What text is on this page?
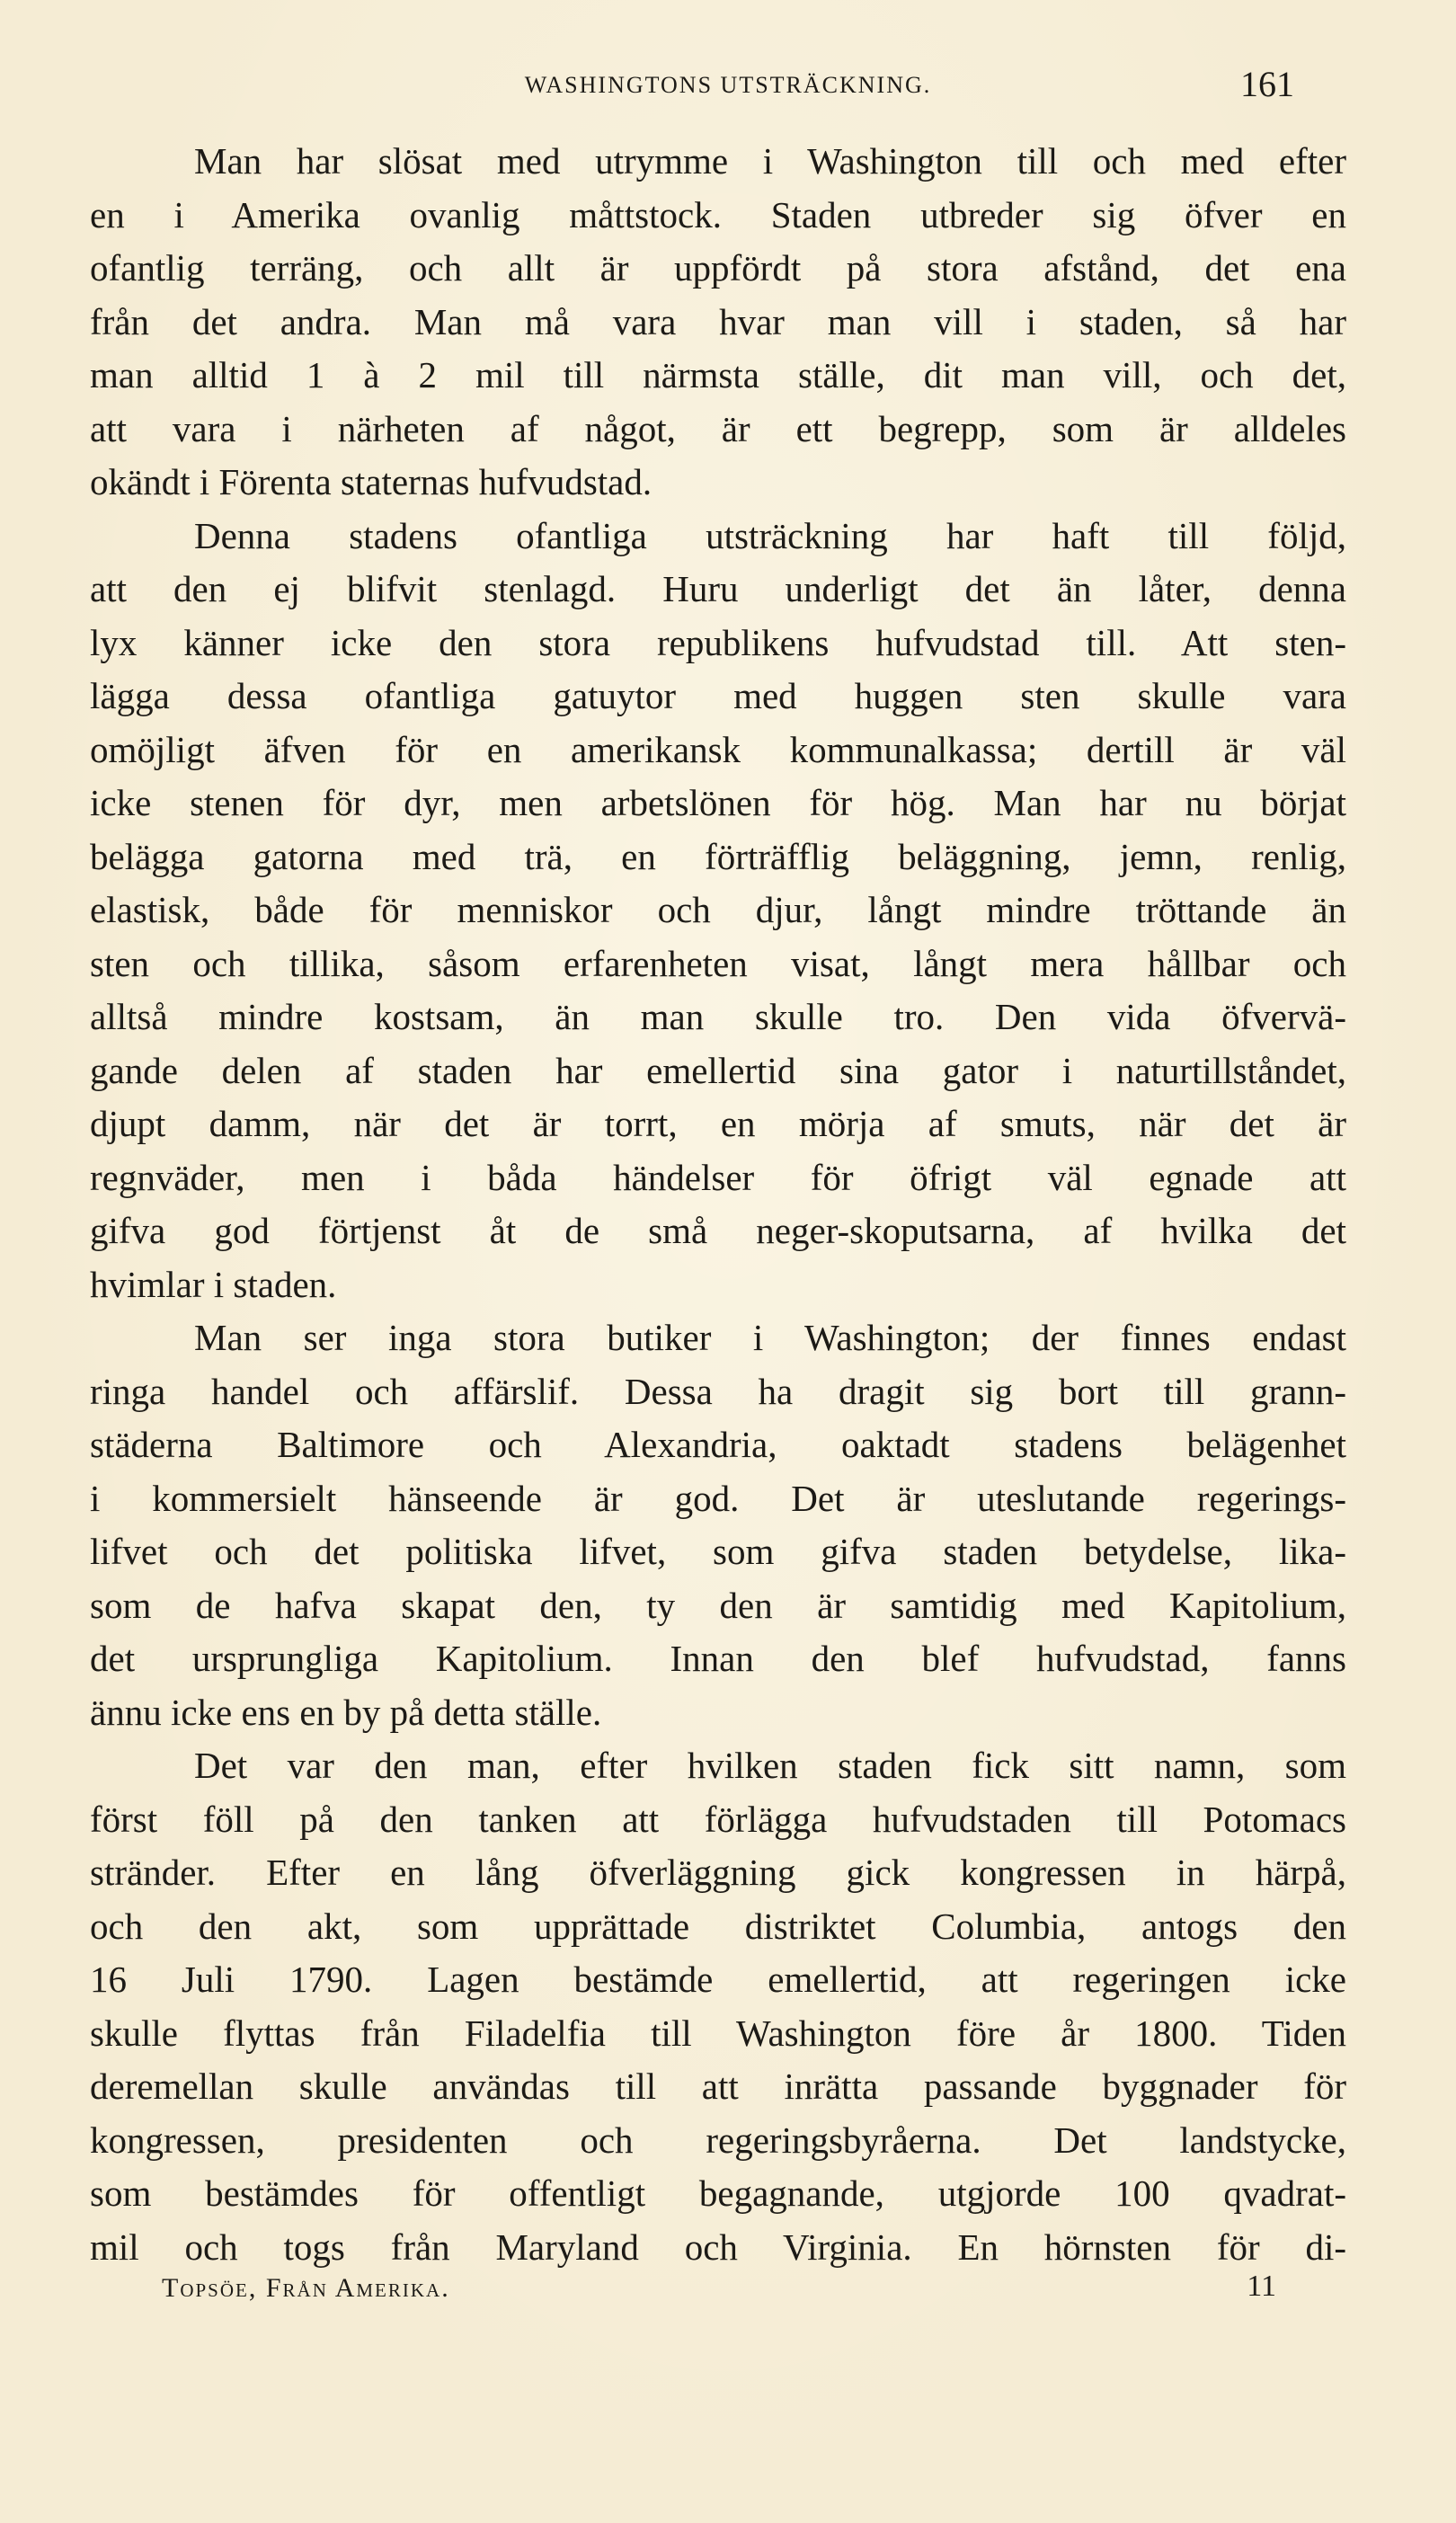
WASHINGTONS UTSTRÄCKNING.	161
Man har slösat med utrymme i Washington till och med efter
en i Amerika ovanlig måttstock. Staden utbreder sig öfver en
ofantlig terräng, och allt är uppfördt på stora afstånd, det ena
från det andra. Man må vara hvar man vill i staden, så har
man alltid 1 à 2 mil till närmsta ställe, dit man vill, och det,
att vara i närheten af något, är ett begrepp, som är alldeles
okändt i Förenta staternas hufvudstad.
Denna stadens ofantliga utsträckning har haft till följd,
att den ej blifvit stenlagd. Huru underligt det än låter, denna
lyx känner icke den stora republikens hufvudstad till. Att sten-
lägga dessa ofantliga gatuytor med huggen sten skulle vara
omöjligt äfven för en amerikansk kommunalkassa; dertill är väl
icke stenen för dyr, men arbetslönen för hög. Man har nu börjat
belägga gatorna med trä, en förträfflig beläggning, jemn, renlig,
elastisk, både för menniskor och djur, långt mindre tröttande än
sten och tillika, såsom erfarenheten visat, långt mera hållbar och
alltså mindre kostsam, än man skulle tro. Den vida öfvervä-
gande delen af staden har emellertid sina gator i naturtillståndet,
djupt damm, när det är torrt, en mörja af smuts, när det är
regnväder, men i båda händelser för öfrigt väl egnade att
gifva god förtjenst åt de små neger-skoputsarna, af hvilka det
hvimlar i staden.
Man ser inga stora butiker i Washington; der finnes endast
ringa handel och affärslif. Dessa ha dragit sig bort till grann-
städerna Baltimore och Alexandria, oaktadt stadens belägenhet
i kommersielt hänseende är god. Det är uteslutande regerings-
lifvet och det politiska lifvet, som gifva staden betydelse, lika-
som de hafva skapat den, ty den är samtidig med Kapitolium,
det ursprungliga Kapitolium. Innan den blef hufvudstad, fanns
ännu icke ens en by på detta ställe.
Det var den man, efter hvilken staden fick sitt namn, som
först föll på den tanken att förlägga hufvudstaden till Potomacs
stränder. Efter en lång öfverläggning gick kongressen in härpå,
och den akt, som upprättade distriktet Columbia, antogs den
16 Juli 1790. Lagen bestämde emellertid, att regeringen icke
skulle flyttas från Filadelfia till Washington före år 1800. Tiden
deremellan skulle användas till att inrätta passande byggnader för
kongressen, presidenten och regeringsbyråerna. Det landstycke,
som bestämdes för offentligt begagnande, utgjorde 100 qvadrat-
mil och togs från Maryland och Virginia. En hörnsten för di-
Topsöe, Från Amerika.	11
